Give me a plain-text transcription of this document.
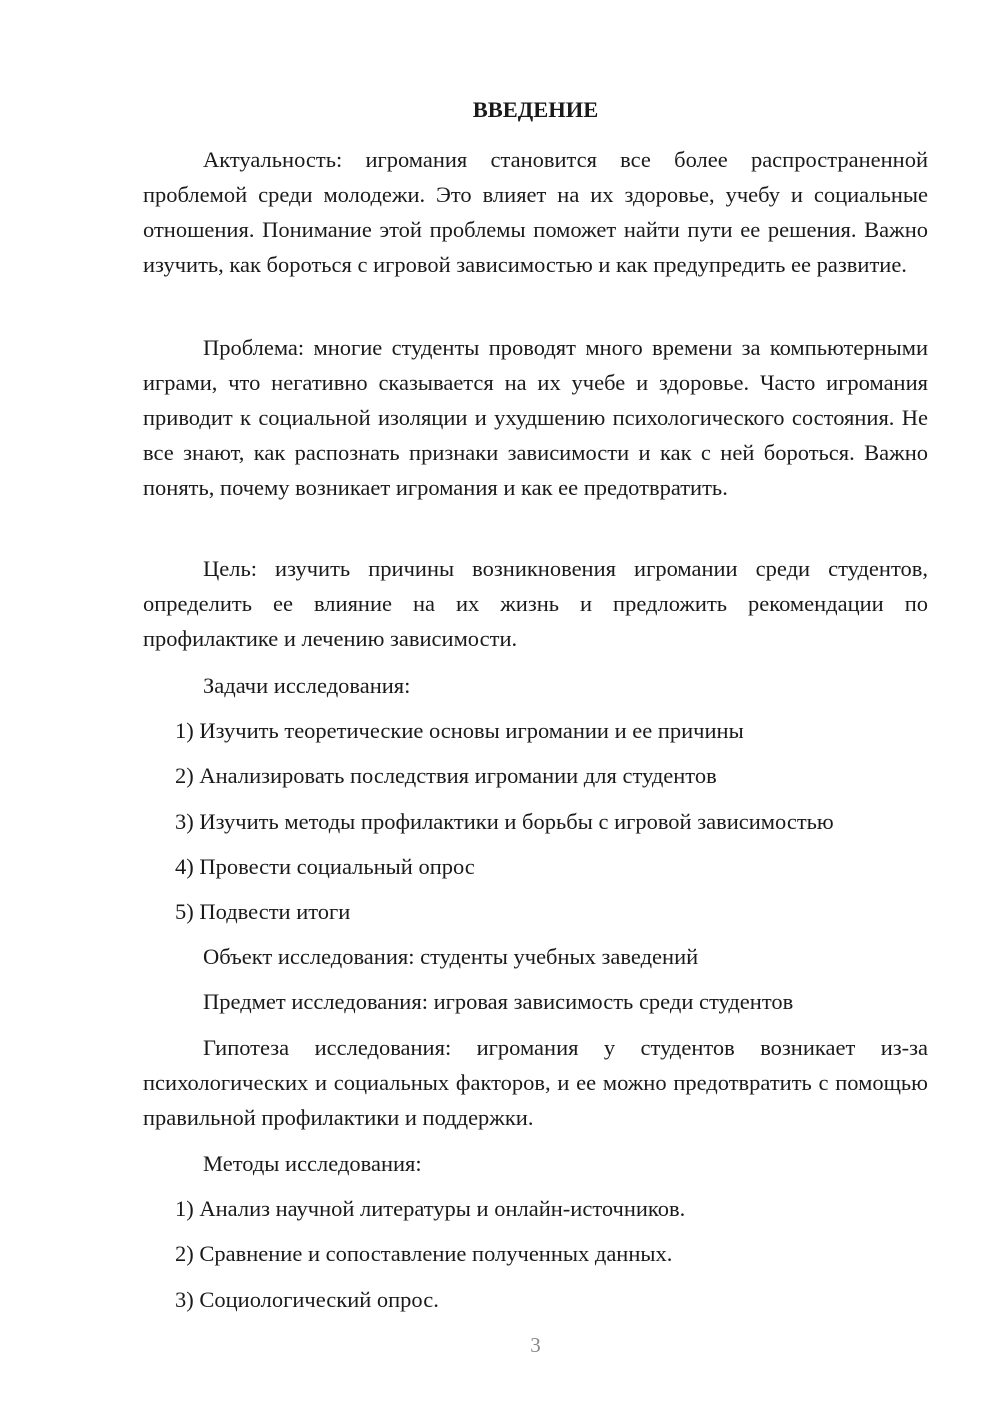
ВВЕДЕНИЕ

Актуальность: игромания становится все более распространенной проблемой среди молодежи. Это влияет на их здоровье, учебу и социальные отношения. Понимание этой проблемы поможет найти пути ее решения. Важно изучить, как бороться с игровой зависимостью и как предупредить ее развитие.

Проблема: многие студенты проводят много времени за компьютерными играми, что негативно сказывается на их учебе и здоровье. Часто игромания приводит к социальной изоляции и ухудшению психологического состояния. Не все знают, как распознать признаки зависимости и как с ней бороться. Важно понять, почему возникает игромания и как ее предотвратить.

Цель: изучить причины возникновения игромании среди студентов, определить ее влияние на их жизнь и предложить рекомендации по профилактике и лечению зависимости.

Задачи исследования:

1) Изучить теоретические основы игромании и ее причины

2) Анализировать последствия игромании для студентов

3) Изучить методы профилактики и борьбы с игровой зависимостью

4) Провести социальный опрос

5) Подвести итоги

Объект исследования: студенты учебных заведений

Предмет исследования: игровая зависимость среди студентов

Гипотеза исследования: игромания у студентов возникает из-за психологических и социальных факторов, и ее можно предотвратить с помощью правильной профилактики и поддержки.

Методы исследования:

1) Анализ научной литературы и онлайн-источников.

2) Сравнение и сопоставление полученных данных.

3) Социологический опрос.

3
